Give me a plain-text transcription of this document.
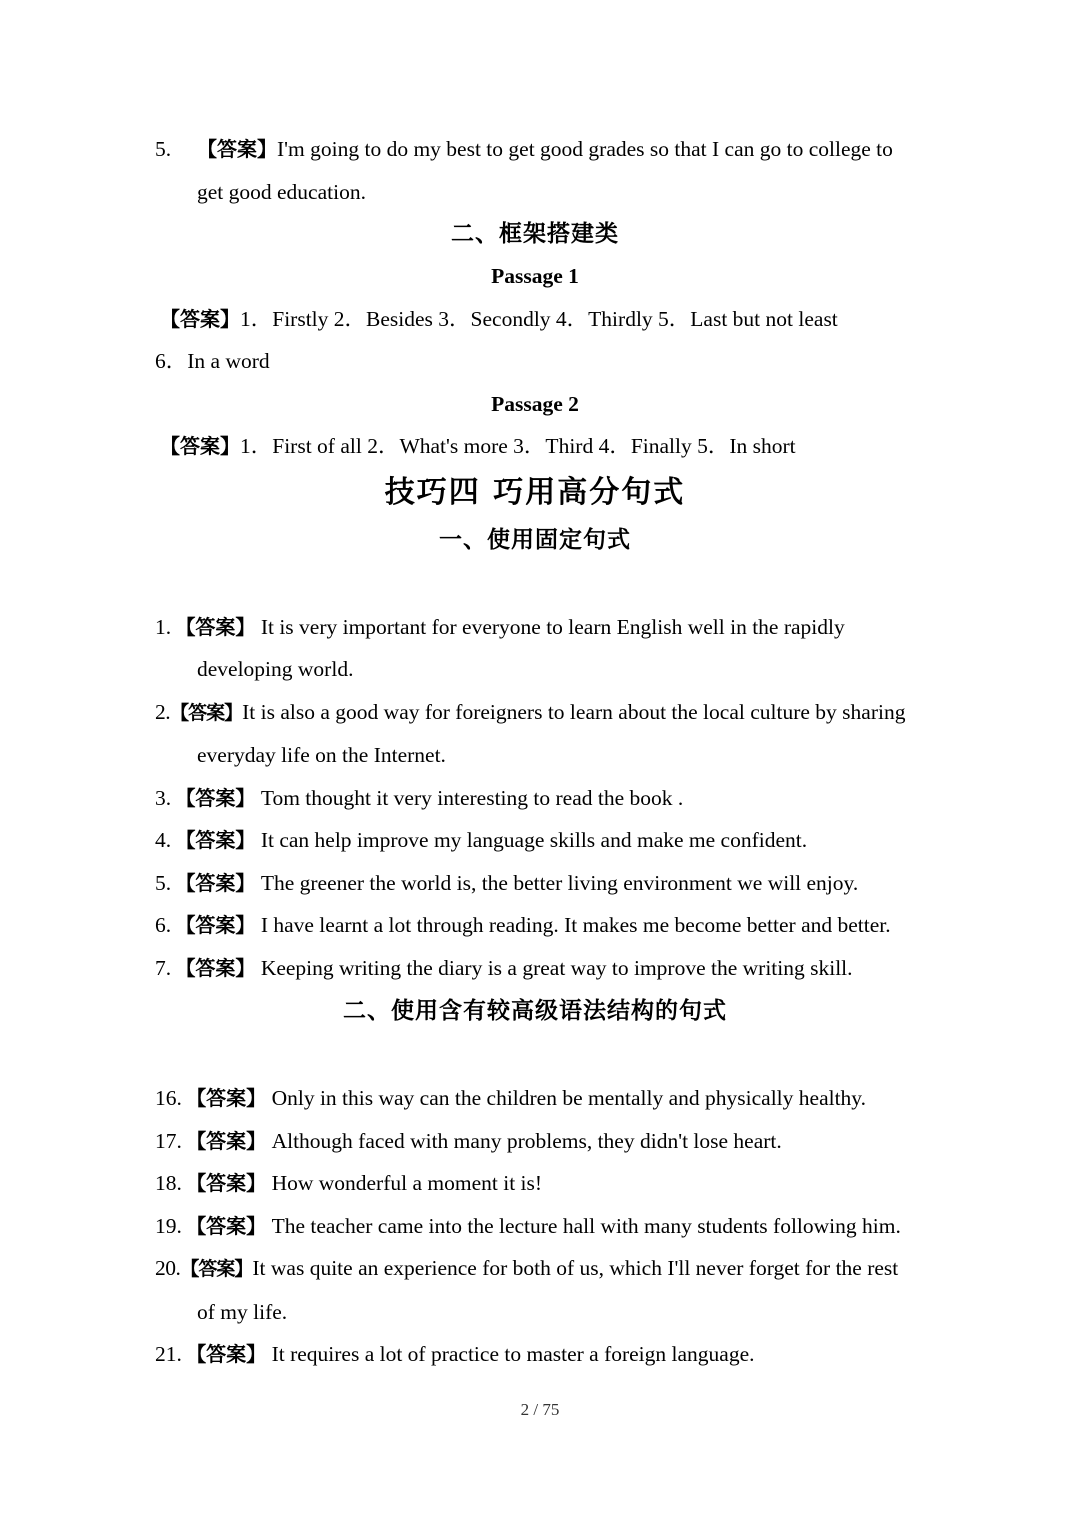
5. 【答案】I'm going to do my best to get good grades so that I can go to college to
get good education.
二、框架搭建类
Passage 1
【答案】1．Firstly 2．Besides 3．Secondly 4．Thirdly 5．Last but not least
6．In a word
Passage 2
【答案】1．First of all 2．What's more 3．Third 4．Finally 5．In short
技巧四 巧用高分句式
一、使用固定句式
1.  【答案】 It is very important for everyone to learn English well in the rapidly
developing world.
2.【答案】It is also a good way for foreigners to learn about the local culture by sharing
everyday life on the Internet.
3.  【答案】 Tom thought it very interesting to read the book .
4.  【答案】 It can help improve my language skills and make me confident.
5.  【答案】 The greener the world is, the better living environment we will enjoy.
6.  【答案】 I have learnt a lot through reading. It makes me become better and better.
7.  【答案】 Keeping writing the diary is a great way to improve the writing skill.
二、使用含有较高级语法结构的句式
16.  【答案】 Only in this way can the children be mentally and physically healthy.
17.  【答案】 Although faced with many problems, they didn't lose heart.
18.  【答案】 How wonderful a moment it is!
19.  【答案】 The teacher came into the lecture hall with many students following him.
20.【答案】It was quite an experience for both of us, which I'll never forget for the rest
of my life.
21.  【答案】 It requires a lot of practice to master a foreign language.
2 / 75
